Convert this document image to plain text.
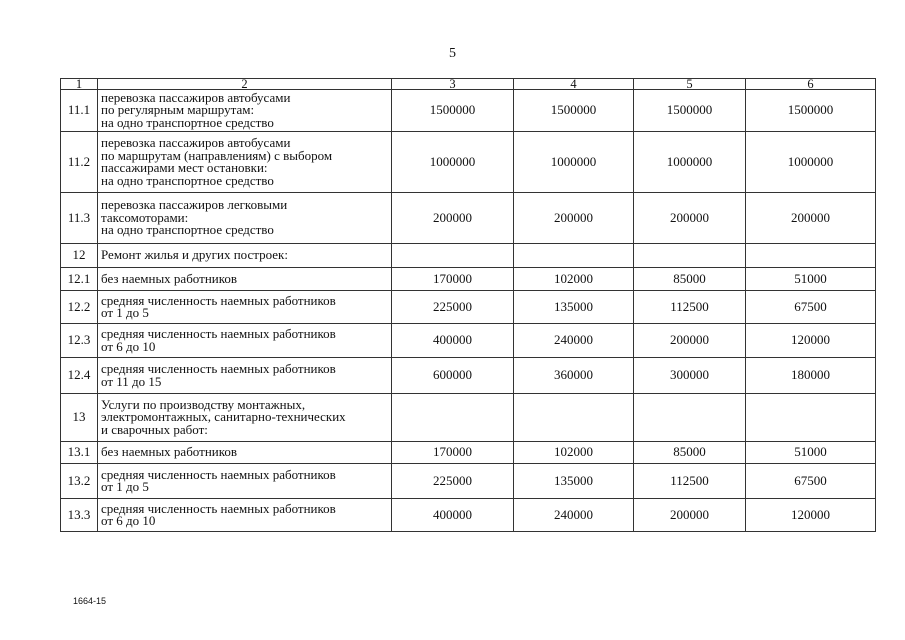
5
1	2	3	4	5	6
11.1	перевозка пассажиров автобусами
по регулярным маршрутам:
на одно транспортное средство	1500000	1500000	1500000	1500000
11.2	перевозка пассажиров автобусами
по маршрутам (направлениям) с выбором
пассажирами мест остановки:
на одно транспортное средство	1000000	1000000	1000000	1000000
11.3	перевозка пассажиров легковыми
таксомоторами:
на одно транспортное средство	200000	200000	200000	200000
12	Ремонт жилья и других построек:				
12.1	без наемных работников	170000	102000	85000	51000
12.2	средняя численность наемных работников
от 1 до 5	225000	135000	112500	67500
12.3	средняя численность наемных работников
от 6 до 10	400000	240000	200000	120000
12.4	средняя численность наемных работников
от 11 до 15	600000	360000	300000	180000
13	Услуги по производству монтажных,
электромонтажных, санитарно-технических
и сварочных работ:				
13.1	без наемных работников	170000	102000	85000	51000
13.2	средняя численность наемных работников
от 1 до 5	225000	135000	112500	67500
13.3	средняя численность наемных работников
от 6 до 10	400000	240000	200000	120000
1664-15
